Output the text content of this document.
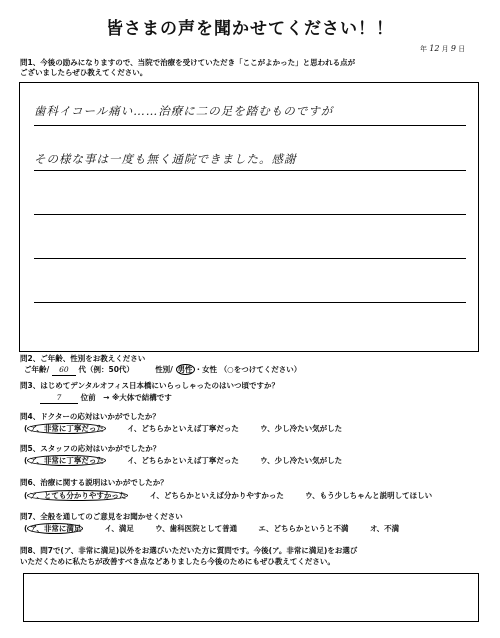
皆さまの声を聞かせてください！！
年 12 月 9 日
問1、今後の励みになりますので、当院で治療を受けていただき「ここがよかった」と思われる点が
ございましたらぜひ教えてください。
歯科イコール痛い……治療に二の足を踏むものですが
その様な事は一度も無く通院できました。感謝
問2、ご年齢、性別をお教えください
ご年齢/ 60 代（例：50代）	性別/ 男性 ・女性 （○をつけてください）
問3、はじめてデンタルオフィス日本橋にいらっしゃったのはいつ頃ですか？
7	位前　→ ※大体で結構です
問4、ドクターの応対はいかがでしたか？
( ア、非常に丁寧だった	イ、どちらかといえば丁寧だった	ウ、少し冷たい気がした
問5、スタッフの応対はいかがでしたか？
( ア、非常に丁寧だった	イ、どちらかといえば丁寧だった	ウ、少し冷たい気がした
問6、治療に関する説明はいかがでしたか？
( ア、とても分かりやすかった	イ、どちらかといえば分かりやすかった	ウ、もう少しちゃんと説明してほしい
問7、全般を通してのご意見をお聞かせください
( ア、非常に満足	イ、満足	ウ、歯科医院として普通	エ、どちらかというと不満	オ、不満
問8、問7で(ア、非常に満足)以外をお選びいただいた方に質問です。今後(ア。非常に満足)をお選び
いただくために私たちが改善すべき点などありましたら今後のためにもぜひ教えてください。
